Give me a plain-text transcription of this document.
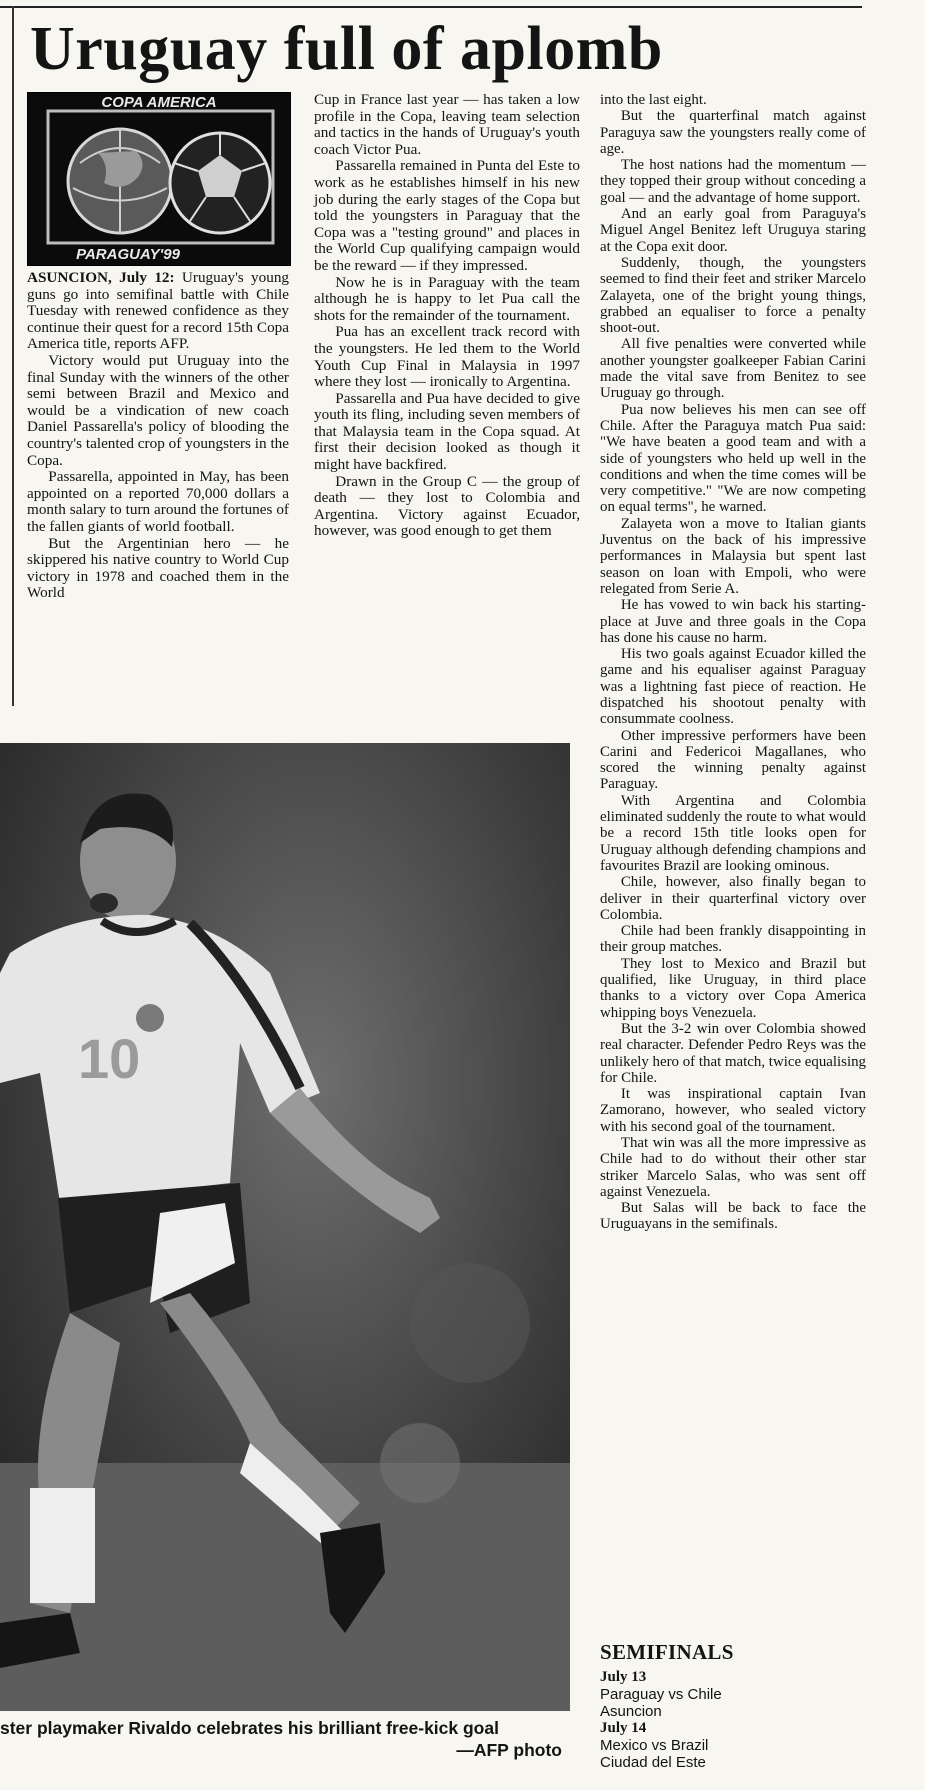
Uruguay full of aplomb
COPA AMERICA
PARAGUAY'99

ASUNCION, July 12: Uruguay's young guns go into semifinal battle with Chile Tuesday with renewed confidence as they continue their quest for a record 15th Copa America title, reports AFP.

Victory would put Uruguay into the final Sunday with the winners of the other semi between Brazil and Mexico and would be a vindication of new coach Daniel Passarella's policy of blooding the country's talented crop of youngsters in the Copa.

Passarella, appointed in May, has been appointed on a reported 70,000 dollars a month salary to turn around the fortunes of the fallen giants of world football.

But the Argentinian hero — he skippered his native country to World Cup victory in 1978 and coached them in the World

Cup in France last year — has taken a low profile in the Copa, leaving team selection and tactics in the hands of Uruguay's youth coach Victor Pua.

Passarella remained in Punta del Este to work as he establishes himself in his new job during the early stages of the Copa but told the youngsters in Paraguay that the Copa was a "testing ground" and places in the World Cup qualifying campaign would be the reward — if they impressed.

Now he is in Paraguay with the team although he is happy to let Pua call the shots for the remainder of the tournament.

Pua has an excellent track record with the youngsters. He led them to the World Youth Cup Final in Malaysia in 1997 where they lost — ironically to Argentina.

Passarella and Pua have decided to give youth its fling, including seven members of that Malaysia team in the Copa squad. At first their decision looked as though it might have backfired.

Drawn in the Group C — the group of death — they lost to Colombia and Argentina. Victory against Ecuador, however, was good enough to get them

into the last eight.

But the quarterfinal match against Paraguya saw the youngsters really come of age.

The host nations had the momentum — they topped their group without conceding a goal — and the advantage of home support.

And an early goal from Paraguya's Miguel Angel Benitez left Uruguya staring at the Copa exit door.

Suddenly, though, the youngsters seemed to find their feet and striker Marcelo Zalayeta, one of the bright young things, grabbed an equaliser to force a penalty shoot-out.

All five penalties were converted while another youngster goalkeeper Fabian Carini made the vital save from Benitez to see Uruguay go through.

Pua now believes his men can see off Chile. After the Paraguya match Pua said: "We have beaten a good team and with a side of youngsters who held up well in the conditions and when the time comes will be very competitive." "We are now competing on equal terms", he warned.

Zalayeta won a move to Italian giants Juventus on the back of his impressive performances in Malaysia but spent last season on loan with Empoli, who were relegated from Serie A.

He has vowed to win back his starting-place at Juve and three goals in the Copa has done his cause no harm.

His two goals against Ecuador killed the game and his equaliser against Paraguay was a lightning fast piece of reaction. He dispatched his shootout penalty with consummate coolness.

Other impressive performers have been Carini and Federicoi Magallanes, who scored the winning penalty against Paraguay.

With Argentina and Colombia eliminated suddenly the route to what would be a record 15th title looks open for Uruguay although defending champions and favourites Brazil are looking ominous.

Chile, however, also finally began to deliver in their quarterfinal victory over Colombia.

Chile had been frankly disappointing in their group matches.

They lost to Mexico and Brazil but qualified, like Uruguay, in third place thanks to a victory over Copa America whipping boys Venezuela.

But the 3-2 win over Colombia showed real character. Defender Pedro Reys was the unlikely hero of that match, twice equalising for Chile.

It was inspirational captain Ivan Zamorano, however, who sealed victory with his second goal of the tournament.

That win was all the more impressive as Chile had to do without their other star striker Marcelo Salas, who was sent off against Venezuela.

But Salas will be back to face the Uruguayans in the semifinals.

10
ster playmaker Rivaldo celebrates his brilliant free-kick goal
—AFP photo
SEMIFINALS
July 13
Paraguay vs Chile
Asuncion
July 14
Mexico vs Brazil
Ciudad del Este
